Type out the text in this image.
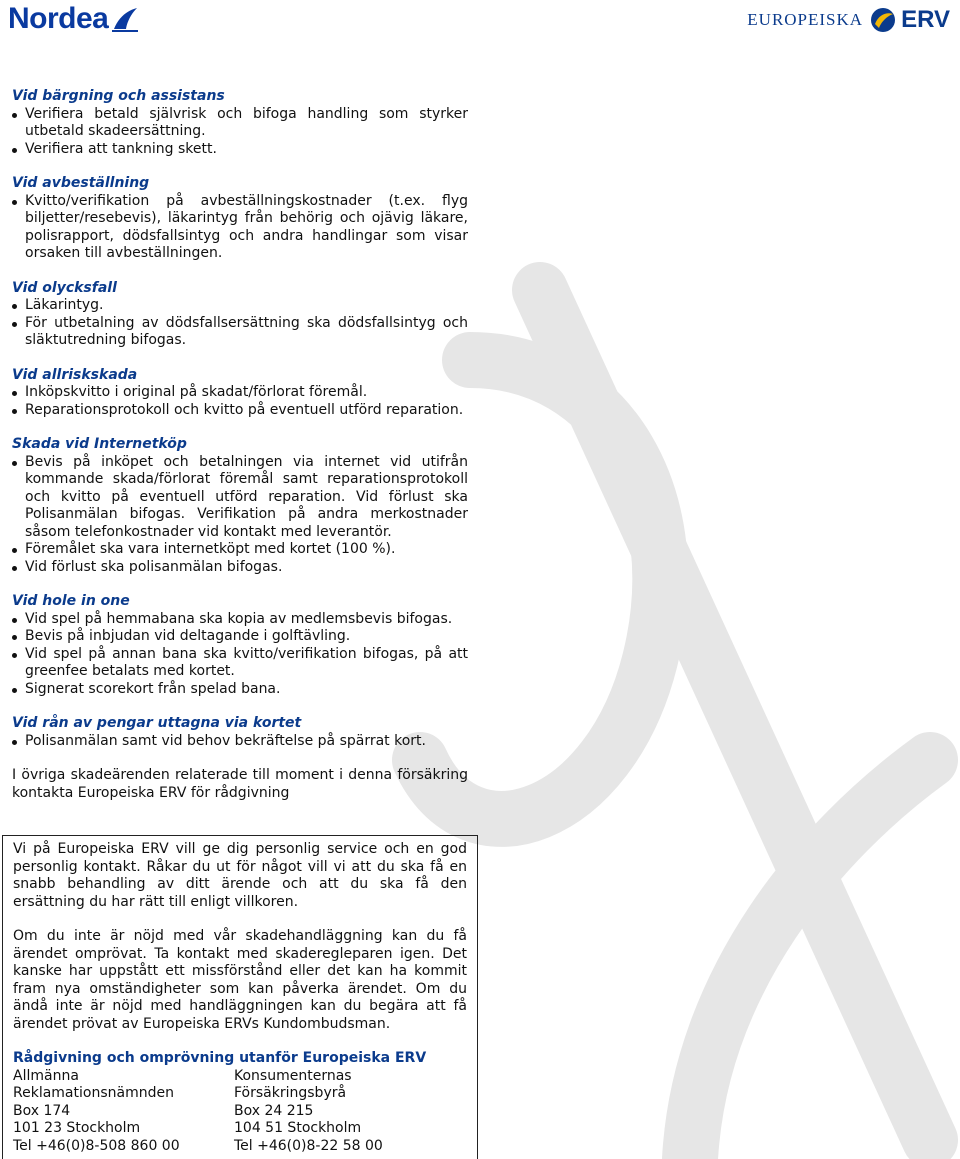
Nordea	EUROPEISKA ERV
Vid bärgning och assistans
Verifiera betald självrisk och bifoga handling som styrker utbetald skadeersättning.
Verifiera att tankning skett.
Vid avbeställning
Kvitto/verifikation på avbeställningskostnader (t.ex. flyg biljetter/resebevis), läkarintyg från behörig och ojävig läkare, polisrapport, dödsfallsintyg och andra handlingar som visar orsaken till avbeställningen.
Vid olycksfall
Läkarintyg.
För utbetalning av dödsfallsersättning ska dödsfallsintyg och släktutredning bifogas.
Vid allriskskada
Inköpskvitto i original på skadat/förlorat föremål.
Reparationsprotokoll och kvitto på eventuell utförd reparation.
Skada vid Internetköp
Bevis på inköpet och betalningen via internet vid utifrån kommande skada/förlorat föremål samt reparationsprotokoll och kvitto på eventuell utförd reparation. Vid förlust ska Polisanmälan bifogas. Verifikation på andra merkostnader såsom telefonkostnader vid kontakt med leverantör.
Föremålet ska vara internetköpt med kortet (100 %).
Vid förlust ska polisanmälan bifogas.
Vid hole in one
Vid spel på hemmabana ska kopia av medlemsbevis bifogas.
Bevis på inbjudan vid deltagande i golftävling.
Vid spel på annan bana ska kvitto/verifikation bifogas, på att greenfee betalats med kortet.
Signerat scorekort från spelad bana.
Vid rån av pengar uttagna via kortet
Polisanmälan samt vid behov bekräftelse på spärrat kort.
I övriga skadeärenden relaterade till moment i denna försäkring kontakta Europeiska ERV för rådgivning

Vi på Europeiska ERV vill ge dig personlig service och en god personlig kontakt. Råkar du ut för något vill vi att du ska få en snabb behandling av ditt ärende och att du ska få den ersättning du har rätt till enligt villkoren.

Om du inte är nöjd med vår skadehandläggning kan du få ärendet omprövat. Ta kontakt med skadereglераren igen. Det kanske har uppstått ett missförstånd eller det kan ha kommit fram nya omständigheter som kan påverka ärendet. Om du ändå inte är nöjd med handläggningen kan du begära att få ärendet prövat av Europeiska ERVs Kundombudsman.

Rådgivning och omprövning utanför Europeiska ERV
Allmänna	Konsumenternas
Reklamationsnämnden	Försäkringsbyrå
Box 174	Box 24 215
101 23 Stockholm	104 51 Stockholm
Tel +46(0)8-508 860 00	Tel +46(0)8-22 58 00
